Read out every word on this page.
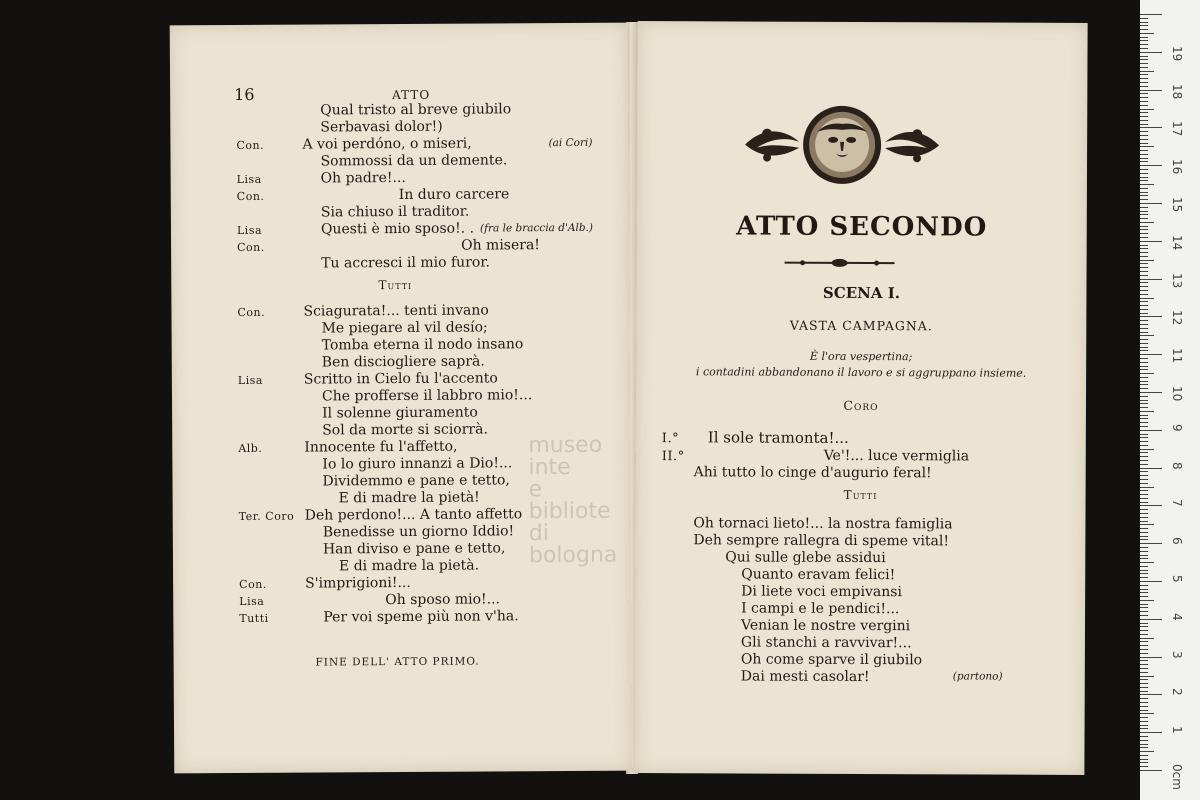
16	ATTO
Qual tristo al breve giubilo
Serbavasi dolor!)
Con.	A voi perdóno, o miseri,	(ai Cori)
Sommossi da un demente.
Lisa	Oh padre!...
Con.	In duro carcere
Sia chiuso il traditor.
Lisa	Questi è mio sposo!. . (fra le braccia d'Alb.)
Con.	Oh misera!
Tu accresci il mio furor.
Tutti
Con.	Sciagurata!... tenti invano
Me piegare al vil desío;
Tomba eterna il nodo insano
Ben discioglierе saprà.
Lisa	Scritto in Cielo fu l'accento
Che profferse il labbro mio!...
Il solenne giuramento
Sol da morte si sciorrà.
Alb.	Innocente fu l'affetto,
Io lo giuro innanzi a Dio!...
Dividemmo e pane e tetto,
E di madre la pietà!
Ter. Coro Deh perdono!... A tanto affetto
Benedisse un giorno Iddio!
Han diviso e pane e tetto,
E di madre la pietà.
Con.	S'imprigioni!...
Lisa	Oh sposo mio!...
Tutti	Per voi speme più non v'ha.
FINE DELL' ATTO PRIMO.
museo inte
e bibliote
di bologna
ATTO SECONDO
SCENA I.
VASTA CAMPAGNA.
È l'ora vespertina;
i contadini abbandonano il lavoro e si aggruppano insieme.
Coro
I.° Il sole tramonta!...
II.°	Ve'!... luce vermiglia
Ahi tutto lo cinge d'augurio feral!
Tutti
Oh tornaci lieto!... la nostra famiglia
Deh sempre rallegra di speme vital!
Qui sulle glebe assidui
Quanto eravam felici!
Di liete voci empivansi
I campi e le pendici!...
Venian le nostre vergini
Gli stanchi a ravvivar!...
Oh come sparve il giubilo
Dai mesti casolar!	(partono)
19
18
17
16
15
14
13
12
11
10
9
8
7
6
5
4
3
2
1
0cm
